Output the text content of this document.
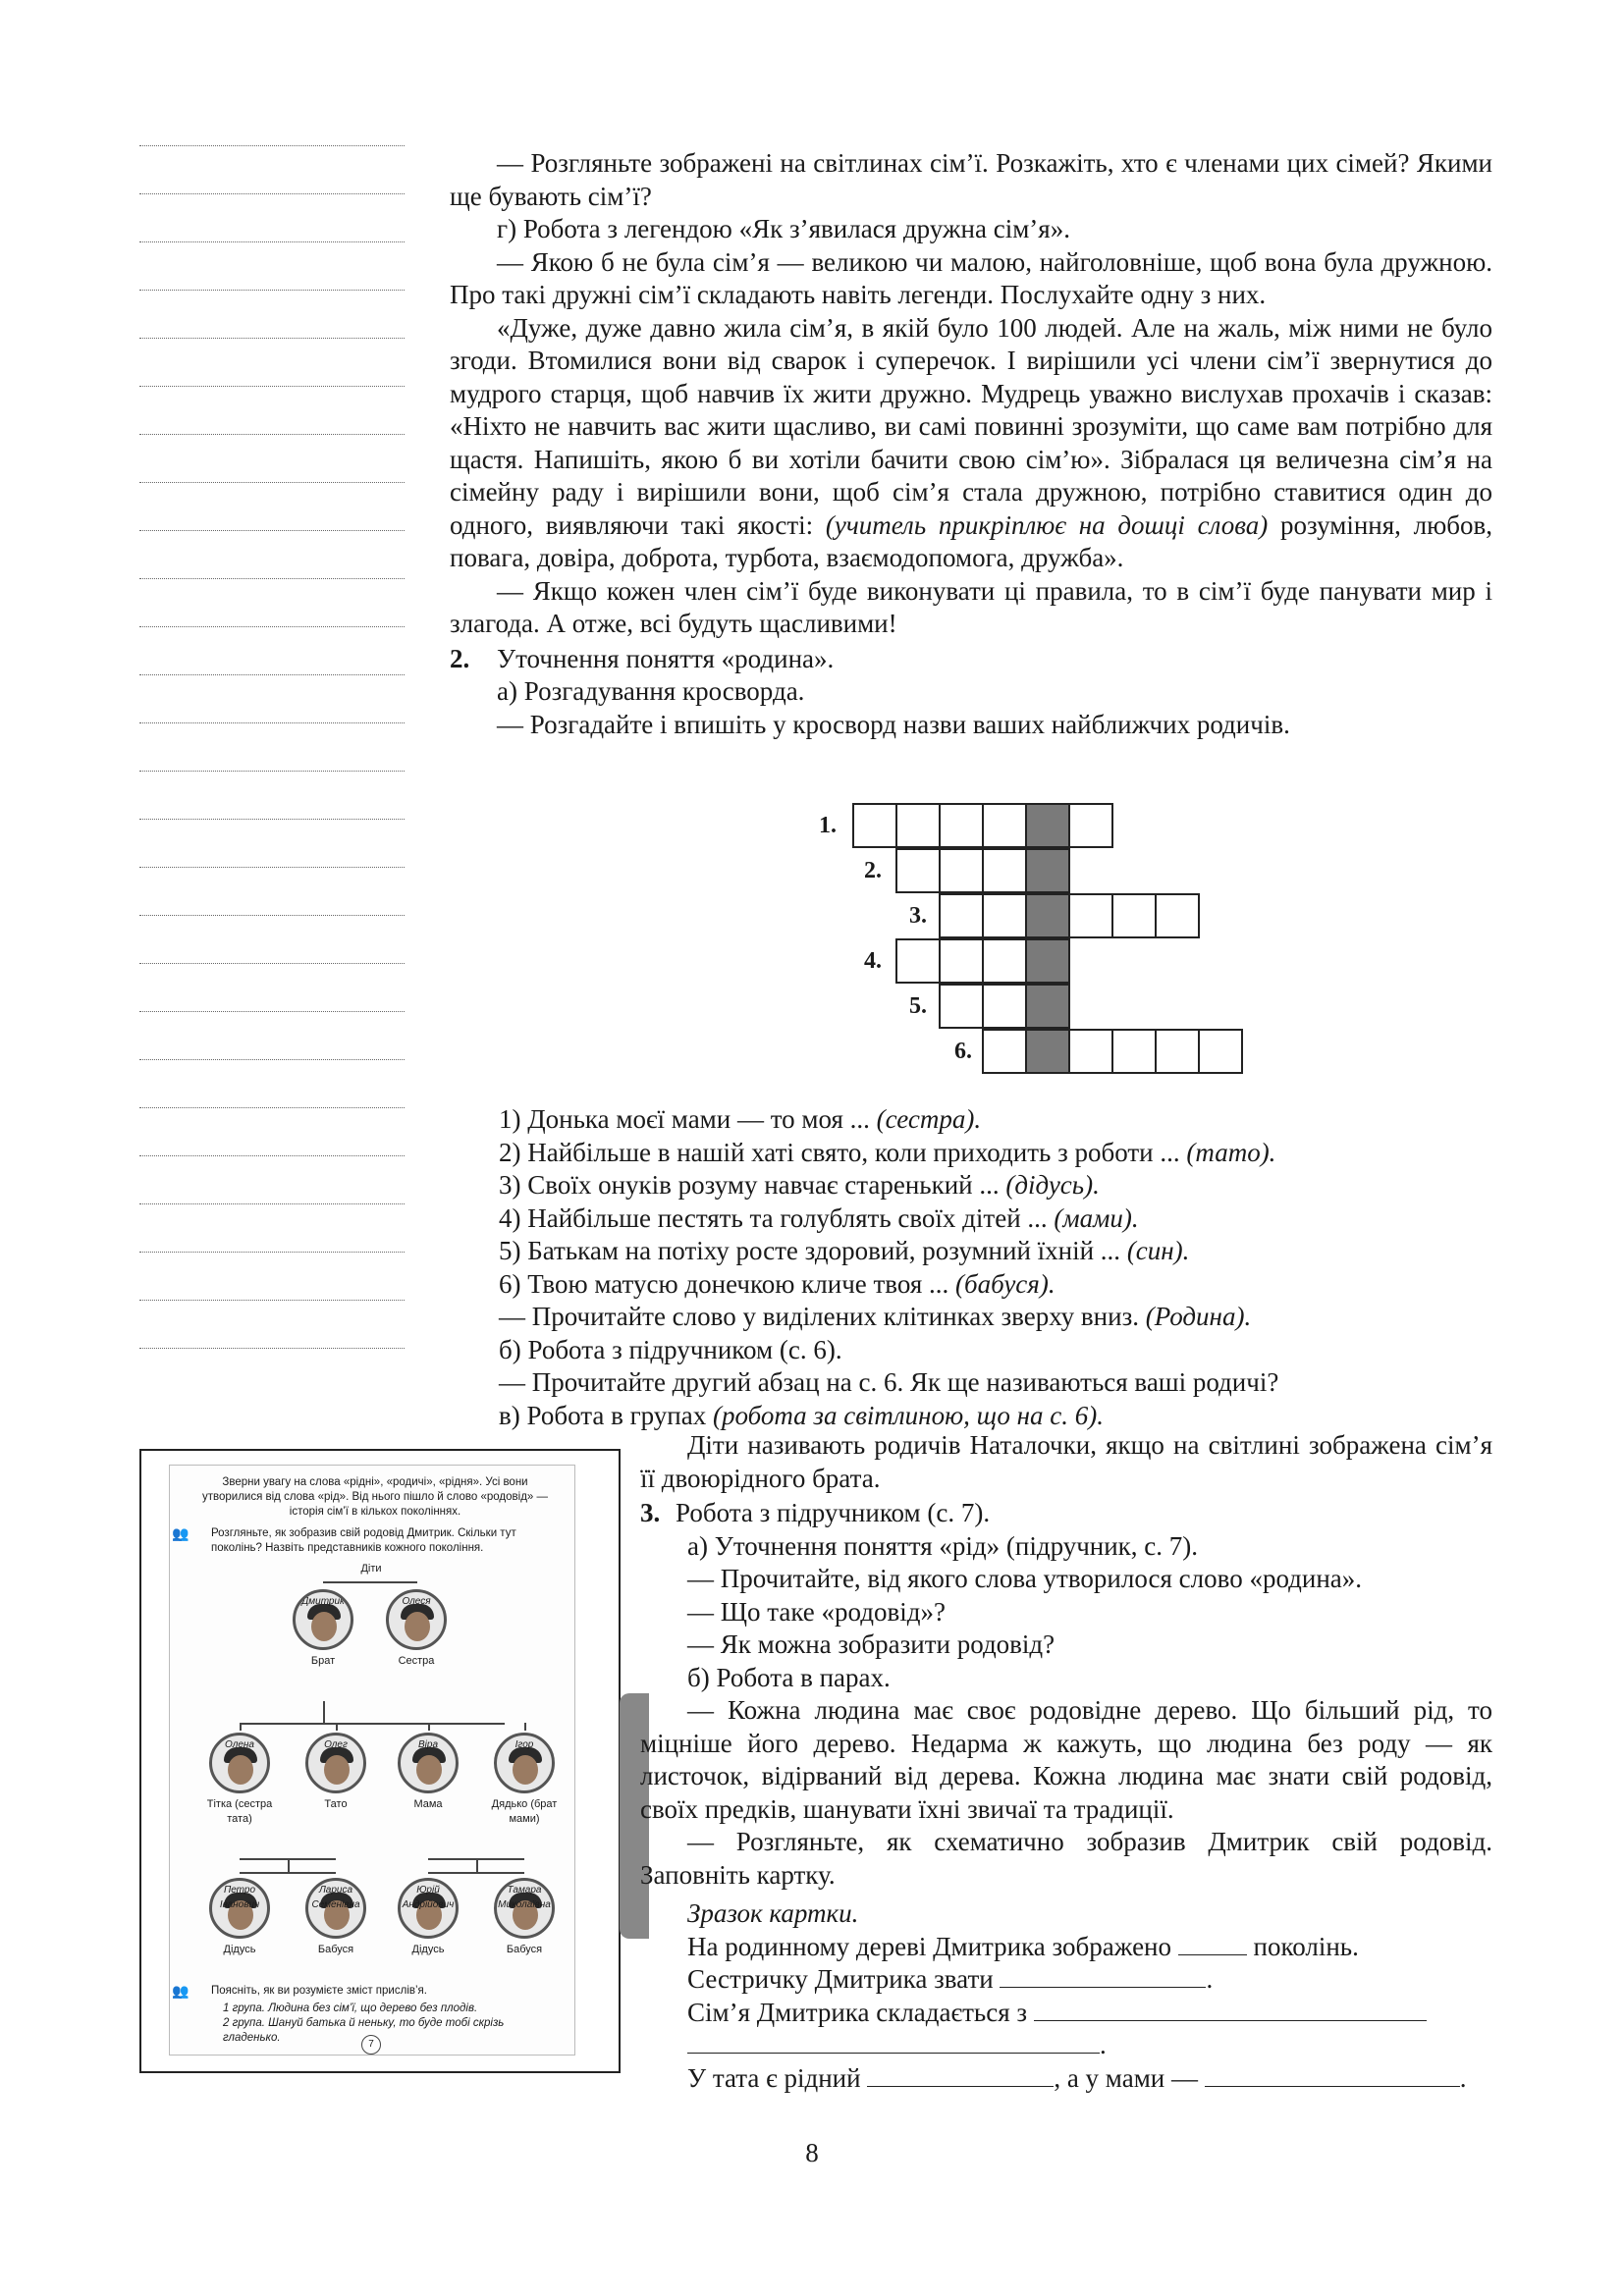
— Розгляньте зображені на світлинах сім’ї. Розкажіть, хто є членами цих сімей? Якими ще бувають сім’ї?

г) Робота з легендою «Як з’явилася дружна сім’я».

— Якою б не була сім’я — великою чи малою, найголовніше, щоб вона була дружною. Про такі дружні сім’ї складають навіть легенди. Послухайте одну з них.

«Дуже, дуже давно жила сім’я, в якій було 100 людей. Але на жаль, між ними не було згоди. Втомилися вони від сварок і суперечок. І вирішили усі члени сім’ї звернутися до мудрого старця, щоб навчив їх жити дружно. Мудрець уважно вислухав прохачів і сказав: «Ніхто не навчить вас жити щасливо, ви самі повинні зрозуміти, що саме вам потрібно для щастя. Напишіть, якою б ви хотіли бачити свою сім’ю». Зібралася ця величезна сім’я на сімейну раду і вирішили вони, щоб сім’я стала дружною, потрібно ставитися один до одного, виявляючи такі якості: (учитель прикріплює на дошці слова) розуміння, любов, повага, довіра, доброта, турбота, взаємодопомога, дружба».

— Якщо кожен член сім’ї буде виконувати ці правила, то в сім’ї буде панувати мир і злагода. А отже, всі будуть щасливими!

2.	Уточнення поняття «родина».

а) Розгадування кросворда.

— Розгадайте і впишіть у кросворд назви ваших найближчих родичів.

1.
2.
3.
4.
5.
6.

1) Донька моєї мами — то моя ... (сестра).

2) Найбільше в нашій хаті свято, коли приходить з роботи ... (тато).

3) Своїх онуків розуму навчає старенький ... (дідусь).

4) Найбільше пестять та голублять своїх дітей ... (мами).

5) Батькам на потіху росте здоровий, розумний їхній ... (син).

6) Твою матусю донечкою кличе твоя ... (бабуся).

— Прочитайте слово у виділених клітинках зверху вниз. (Родина).

б) Робота з підручником (с. 6).

— Прочитайте другий абзац на с. 6. Як ще називаються ваші родичі?

в) Робота в групах (робота за світлиною, що на с. 6).

Зверни увагу на слова «рідні», «родичі», «рідня». Усі вони утворилися від слова «рід». Від нього пішло й слово «родовід» — історія сім’ї в кількох поколіннях.

Розгляньте, як зобразив свій родовід Дмитрик. Скільки тут поколінь? Назвіть представників кожного покоління.

👥
Діти
👥	Поясніть, як ви розумієте зміст прислів’я.

1 група. Людина без сім’ї, що дерево без плодів.

2 група. Шануй батька й неньку, то буде тобі скрізь гладенько.

7
Дмитрик
Брат
Олеся
Сестра
Олена
Тітка (сестра тата)
Олег
Тато
Віра
Мама
Ігор
Дядько (брат мами)
Петро Іванович
Дідусь
Лариса Семенівна
Бабуся
Юрій Андрійович
Дідусь
Тамара Миколаївна
Бабуся

Діти називають родичів Наталочки, якщо на світлині зображена сім’я її двоюрідного брата.

3. Робота з підручником (с. 7).

а) Уточнення поняття «рід» (підручник, с. 7).

— Прочитайте, від якого слова утворилося слово «родина».

— Що таке «родовід»?

— Як можна зобразити родовід?

б) Робота в парах.

— Кожна людина має своє родовідне дерево. Що більший рід, то міцніше його дерево. Недарма ж кажуть, що людина без роду — як листочок, відірваний від дерева. Кожна людина має знати свій родовід, своїх предків, шанувати їхні звичаї та традиції.

— Розгляньте, як схематично зобразив Дмитрик свій родовід. Заповніть картку.

Зразок картки.

На родинному дереві Дмитрика зображено	поколінь.

Сестричку Дмитрика звати	.

Сім’я Дмитрика складається з

.

У тата є рідний	, а у мами —	.

8
